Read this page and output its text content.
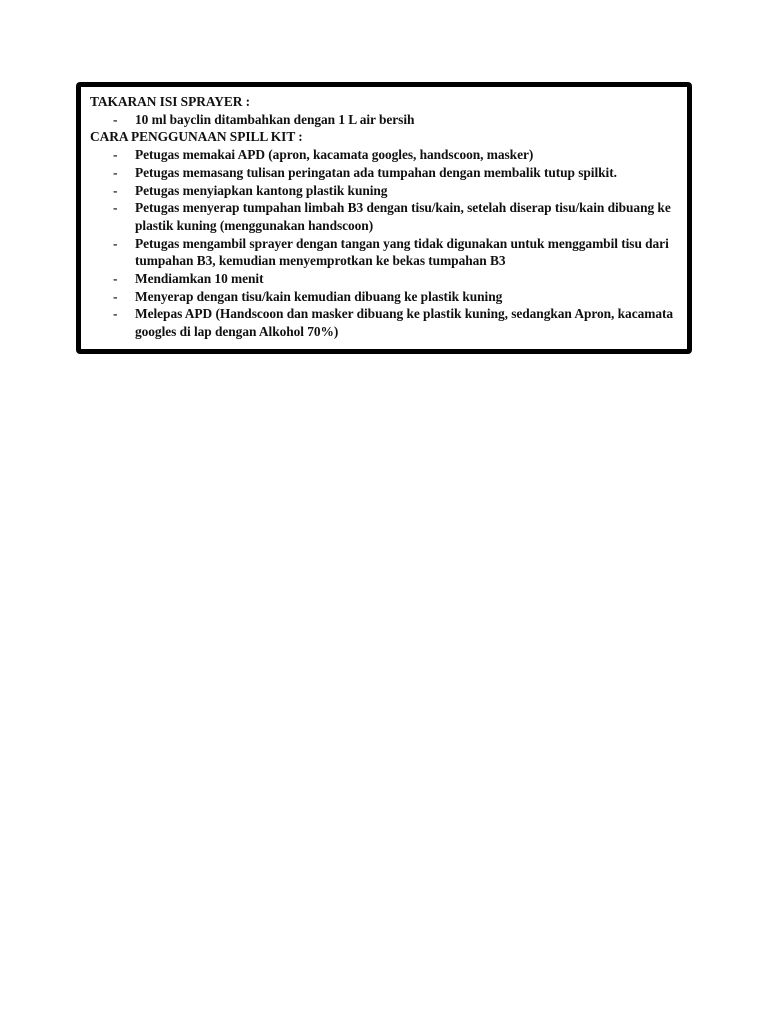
TAKARAN ISI SPRAYER :
- 10 ml bayclin ditambahkan dengan 1 L air bersih
CARA PENGGUNAAN SPILL KIT :
- Petugas memakai APD (apron, kacamata googles, handscoon, masker)
- Petugas memasang tulisan peringatan ada tumpahan dengan membalik tutup spilkit.
- Petugas menyiapkan kantong plastik kuning
- Petugas menyerap tumpahan limbah B3 dengan tisu/kain, setelah diserap tisu/kain dibuang ke plastik kuning (menggunakan handscoon)
- Petugas mengambil sprayer dengan tangan yang tidak digunakan untuk menggambil tisu dari tumpahan B3, kemudian menyemprotkan ke bekas tumpahan B3
- Mendiamkan 10 menit
- Menyerap dengan tisu/kain kemudian dibuang ke plastik kuning
- Melepas APD (Handscoon dan masker dibuang ke plastik kuning, sedangkan Apron, kacamata googles di lap dengan Alkohol 70%)
